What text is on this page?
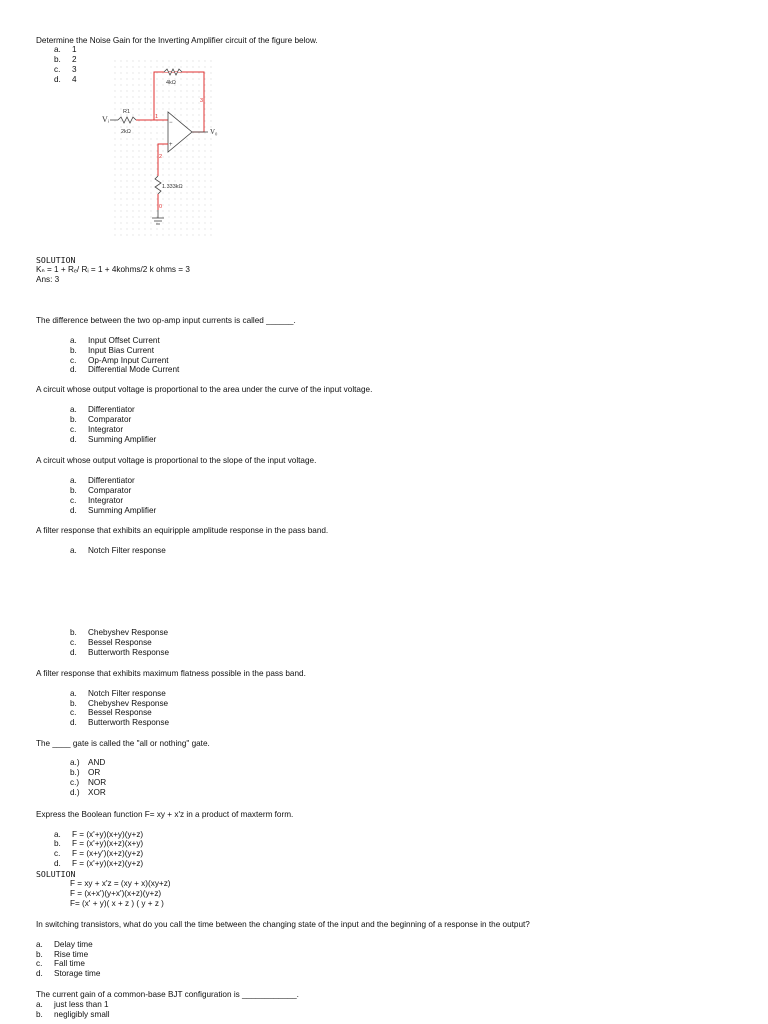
Determine the Noise Gain for the Inverting Amplifier circuit of the figure below.
a. 1
b. 2
c. 3
d. 4
−
+
Vᵢ
V₀
R1
2kΩ
4kΩ
1.333kΩ
1
2
3
0
SOLUTION
Kₙ = 1 + Rₑ/ Rᵢ = 1 + 4kohms/2 k ohms = 3
Ans: 3
The difference between the two op-amp input currents is called ______.
a. Input Offset Current
b. Input Bias Current
c. Op-Amp Input Current
d. Differential Mode Current
A circuit whose output voltage is proportional to the area under the curve of the input voltage.
a. Differentiator
b. Comparator
c. Integrator
d. Summing Amplifier
A circuit whose output voltage is proportional to the slope of the input voltage.
a. Differentiator
b. Comparator
c. Integrator
d. Summing Amplifier
A filter response that exhibits an equiripple amplitude response in the pass band.
a. Notch Filter response
b. Chebyshev Response
c. Bessel Response
d. Butterworth Response
A filter response that exhibits maximum flatness possible in the pass band.
a. Notch Filter response
b. Chebyshev Response
c. Bessel Response
d. Butterworth Response
The ____ gate is called the "all or nothing" gate.
a.) AND
b.) OR
c.) NOR
d.) XOR
Express the Boolean function F= xy + x'z in a product of maxterm form.
a. F = (x'+y)(x+y)(y+z)
b. F = (x'+y)(x+z)(x+y)
c. F = (x+y')(x+z)(y+z)
d. F = (x'+y)(x+z)(y+z)
SOLUTION
F = xy + x'z = (xy + x)(xy+z)
F = (x+x')(y+x')(x+z)(y+z)
F= (x' + y)( x + z ) ( y + z )
In switching transistors, what do you call the time between the changing state of the input and the beginning of a response in the output?
a. Delay time
b. Rise time
c. Fall time
d. Storage time
The current gain of a common-base BJT configuration is ____________.
a. just less than 1
b. negligibly small
